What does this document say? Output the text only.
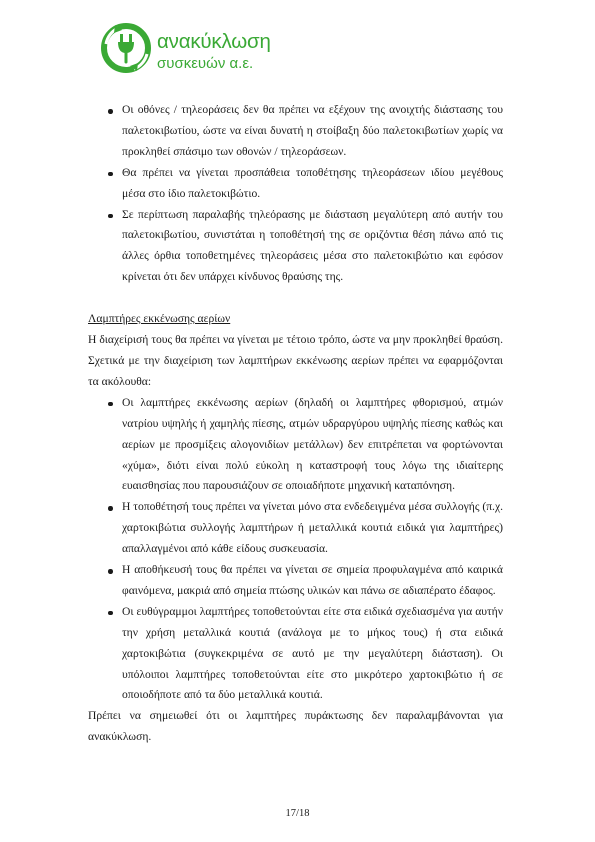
ανακύκλωση
συσκευών α.ε.
Οι οθόνες / τηλεοράσεις δεν θα πρέπει να εξέχουν της ανοιχτής διάστασης του παλετοκιβωτίου, ώστε να είναι δυνατή η στοίβαξη δύο παλετοκιβωτίων χωρίς να προκληθεί σπάσιμο των οθονών / τηλεοράσεων.
Θα πρέπει να γίνεται προσπάθεια τοποθέτησης τηλεοράσεων ιδίου μεγέθους μέσα στο ίδιο παλετοκιβώτιο.
Σε περίπτωση παραλαβής τηλεόρασης με διάσταση μεγαλύτερη από αυτήν του παλετοκιβωτίου, συνιστάται η τοποθέτησή της σε οριζόντια θέση πάνω από τις άλλες όρθια τοποθετημένες τηλεοράσεις μέσα στο παλετοκιβώτιο και εφόσον κρίνεται ότι δεν υπάρχει κίνδυνος θραύσης της.

Λαμπτήρες εκκένωσης αερίων

Η διαχείρισή τους θα πρέπει να γίνεται με τέτοιο τρόπο, ώστε να μην προκληθεί θραύση. Σχετικά με την διαχείριση των λαμπτήρων εκκένωσης αερίων πρέπει να εφαρμόζονται τα ακόλουθα:

Οι λαμπτήρες εκκένωσης αερίων (δηλαδή οι λαμπτήρες φθορισμού, ατμών νατρίου υψηλής ή χαμηλής πίεσης, ατμών υδραργύρου υψηλής πίεσης καθώς και αερίων με προσμίξεις αλογονιδίων μετάλλων) δεν επιτρέπεται να φορτώνονται «χύμα», διότι είναι πολύ εύκολη η καταστροφή τους λόγω της ιδιαίτερης ευαισθησίας που παρουσιάζουν σε οποιαδήποτε μηχανική καταπόνηση.
Η τοποθέτησή τους πρέπει να γίνεται μόνο στα ενδεδειγμένα μέσα συλλογής (π.χ. χαρτοκιβώτια συλλογής λαμπτήρων ή μεταλλικά κουτιά ειδικά για λαμπτήρες) απαλλαγμένοι από κάθε είδους συσκευασία.
Η αποθήκευσή τους θα πρέπει να γίνεται σε σημεία προφυλαγμένα από καιρικά φαινόμενα, μακριά από σημεία πτώσης υλικών και πάνω σε αδιαπέρατο έδαφος.
Οι ευθύγραμμοι λαμπτήρες τοποθετούνται είτε στα ειδικά σχεδιασμένα για αυτήν την χρήση μεταλλικά κουτιά (ανάλογα με το μήκος τους) ή στα ειδικά χαρτοκιβώτια (συγκεκριμένα σε αυτό με την μεγαλύτερη διάσταση). Οι υπόλοιποι λαμπτήρες τοποθετούνται είτε στο μικρότερο χαρτοκιβώτιο ή σε οποιοδήποτε από τα δύο μεταλλικά κουτιά.

Πρέπει να σημειωθεί ότι οι λαμπτήρες πυράκτωσης δεν παραλαμβάνονται για ανακύκλωση.

17/18
